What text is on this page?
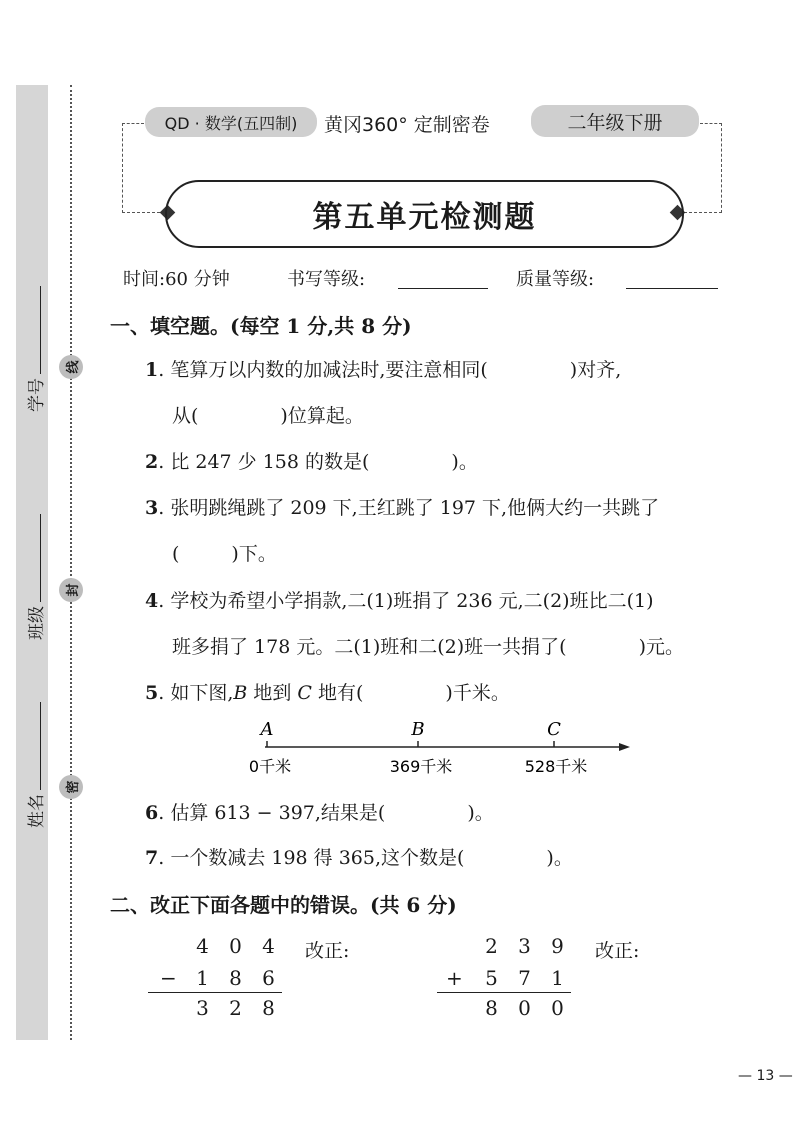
学号
班级
姓名
线
封
密
QD · 数学(五四制)	黄冈360° 定制密卷	二年级下册
第五单元检测题
时间:60 分钟	书写等级:	质量等级:
一、填空题。(每空 1 分,共 8 分)
1. 笔算万以内数的加减法时,要注意相同(	)对齐,
从(	)位算起。
2. 比 247 少 158 的数是(	)。
3. 张明跳绳跳了 209 下,王红跳了 197 下,他俩大约一共跳了
(	)下。
4. 学校为希望小学捐款,二(1)班捐了 236 元,二(2)班比二(1)
班多捐了 178 元。二(1)班和二(2)班一共捐了(	)元。
5. 如下图,B 地到 C 地有(	)千米。
A	B	C
0千米	369千米	528千米
6. 估算 613 − 397,结果是(	)。
7. 一个数减去 198 得 365,这个数是(	)。
二、改正下面各题中的错误。(共 6 分)
4 0 4	改正:
− 1 8 6
3 2 8
2 3 9	改正:
+	5 7 1
8 0 0
— 13 —
